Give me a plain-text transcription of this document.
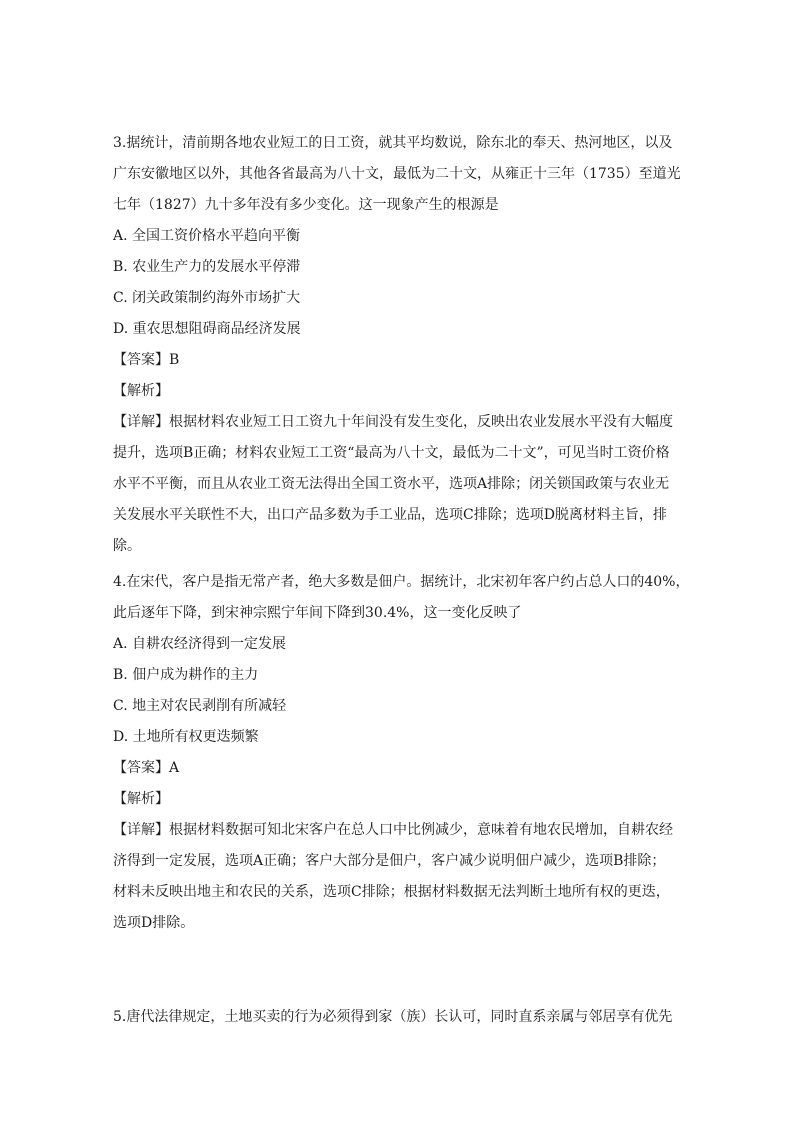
3.据统计，清前期各地农业短工的日工资，就其平均数说，除东北的奉天、热河地区，以及
广东安徽地区以外，其他各省最高为八十文，最低为二十文，从雍正十三年（1735）至道光
七年（1827）九十多年没有多少变化。这一现象产生的根源是
A. 全国工资价格水平趋向平衡
B. 农业生产力的发展水平停滞
C. 闭关政策制约海外市场扩大
D. 重农思想阻碍商品经济发展
【答案】B
【解析】
【详解】根据材料农业短工日工资九十年间没有发生变化，反映出农业发展水平没有大幅度
提升，选项B正确；材料农业短工工资“最高为八十文，最低为二十文”，可见当时工资价格
水平不平衡，而且从农业工资无法得出全国工资水平，选项A排除；闭关锁国政策与农业无
关发展水平关联性不大，出口产品多数为手工业品，选项C排除；选项D脱离材料主旨，排
除。
4.在宋代，客户是指无常产者，绝大多数是佃户。据统计，北宋初年客户约占总人口的40%，
此后逐年下降，到宋神宗熙宁年间下降到30.4%，这一变化反映了
A. 自耕农经济得到一定发展
B. 佃户成为耕作的主力
C. 地主对农民剥削有所减轻
D. 土地所有权更迭频繁
【答案】A
【解析】
【详解】根据材料数据可知北宋客户在总人口中比例减少，意味着有地农民增加，自耕农经
济得到一定发展，选项A正确；客户大部分是佃户，客户减少说明佃户减少，选项B排除；
材料未反映出地主和农民的关系，选项C排除；根据材料数据无法判断土地所有权的更迭，
选项D排除。
5.唐代法律规定，土地买卖的行为必须得到家（族）长认可，同时直系亲属与邻居享有优先
